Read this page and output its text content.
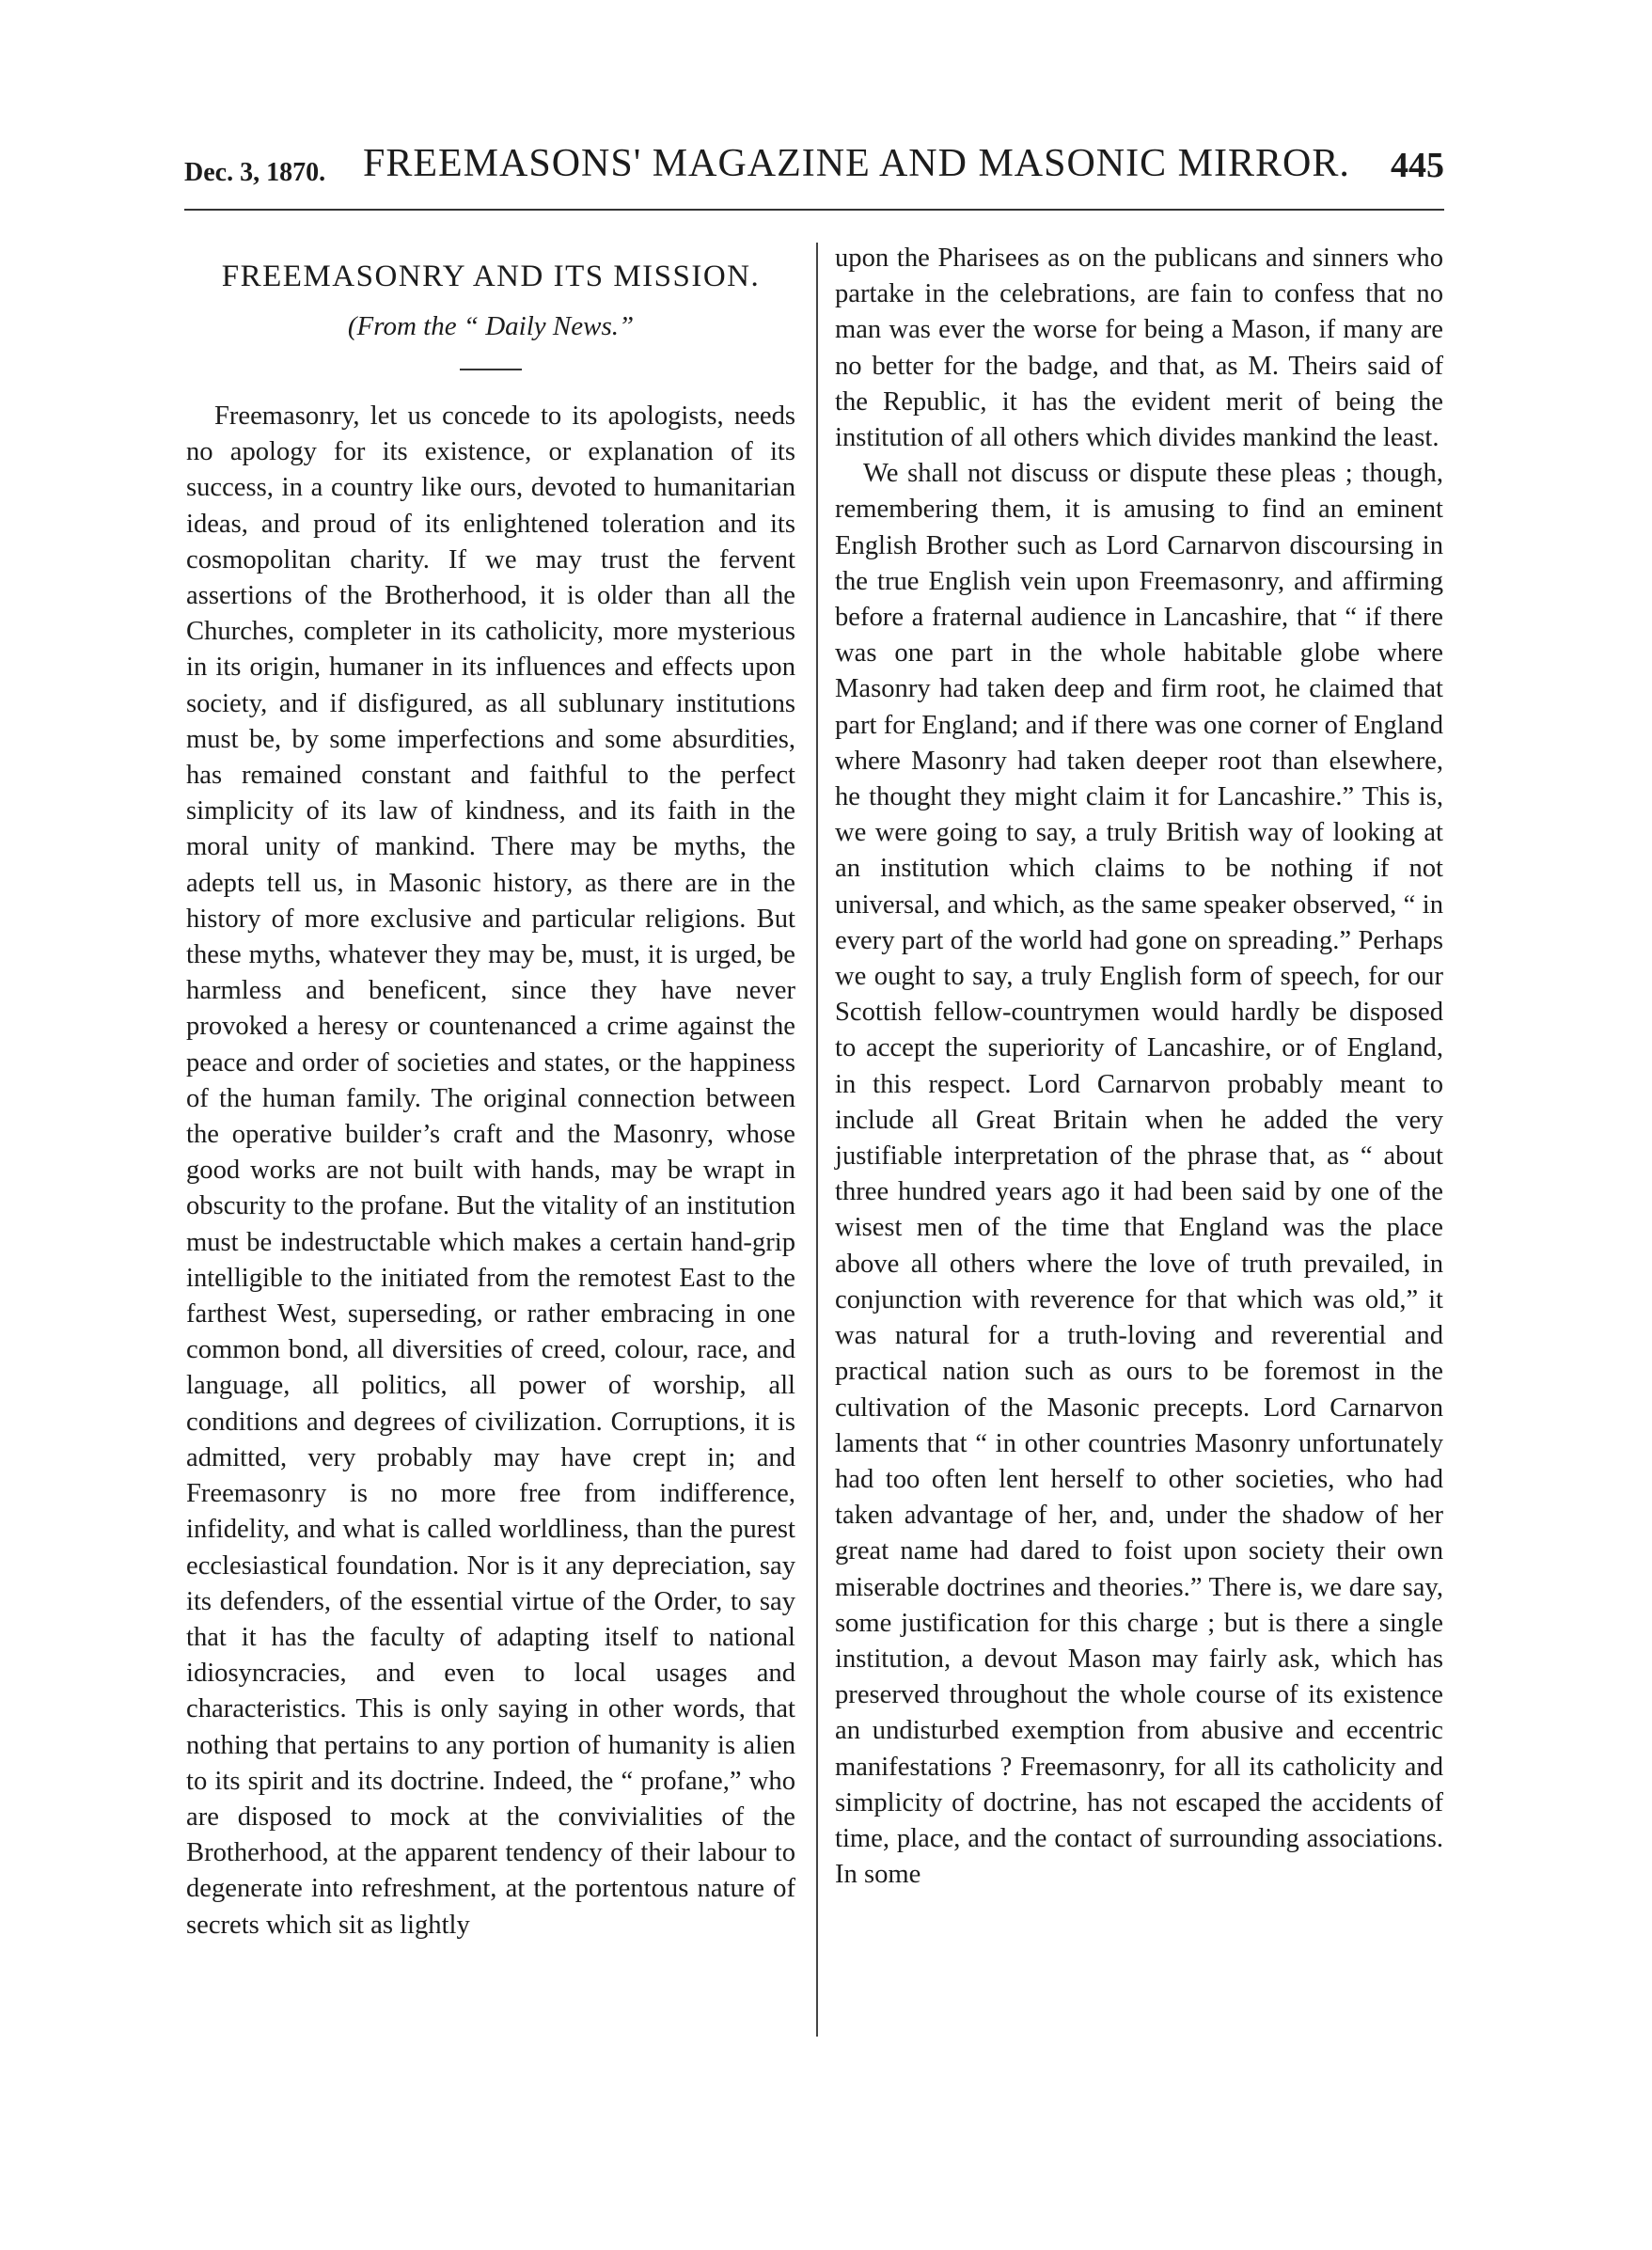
Dec. 3, 1870. FREEMASONS' MAGAZINE AND MASONIC MIRROR. 445
FREEMASONRY AND ITS MISSION.
(From the “ Daily News.”

Freemasonry, let us concede to its apologists, needs no apology for its existence, or explanation of its success, in a country like ours, devoted to humanitarian ideas, and proud of its enlightened toleration and its cosmopolitan charity. If we may trust the fervent assertions of the Brotherhood, it is older than all the Churches, completer in its catholicity, more mysterious in its origin, humaner in its influences and effects upon society, and if disfigured, as all sublunary institutions must be, by some imperfections and some absurdities, has remained constant and faithful to the perfect simplicity of its law of kindness, and its faith in the moral unity of mankind. There may be myths, the adepts tell us, in Masonic history, as there are in the history of more exclusive and particular religions. But these myths, whatever they may be, must, it is urged, be harmless and beneficent, since they have never provoked a heresy or countenanced a crime against the peace and order of societies and states, or the happiness of the human family. The original connection between the operative builder’s craft and the Masonry, whose good works are not built with hands, may be wrapt in obscurity to the profane. But the vitality of an institution must be indestructable which makes a certain hand-grip intelligible to the initiated from the remotest East to the farthest West, superseding, or rather embracing in one common bond, all diversities of creed, colour, race, and language, all politics, all power of worship, all conditions and degrees of civilization. Corruptions, it is admitted, very probably may have crept in; and Freemasonry is no more free from indifference, infidelity, and what is called worldliness, than the purest ecclesiastical foundation. Nor is it any depreciation, say its defenders, of the essential virtue of the Order, to say that it has the faculty of adapting itself to national idiosyncracies, and even to local usages and characteristics. This is only saying in other words, that nothing that pertains to any portion of humanity is alien to its spirit and its doctrine. Indeed, the “ profane,” who are disposed to mock at the convivialities of the Brotherhood, at the apparent tendency of their labour to degenerate into refreshment, at the portentous nature of secrets which sit as lightly

upon the Pharisees as on the publicans and sinners who partake in the celebrations, are fain to confess that no man was ever the worse for being a Mason, if many are no better for the badge, and that, as M. Theirs said of the Republic, it has the evident merit of being the institution of all others which divides mankind the least.

We shall not discuss or dispute these pleas ; though, remembering them, it is amusing to find an eminent English Brother such as Lord Carnarvon discoursing in the true English vein upon Freemasonry, and affirming before a fraternal audience in Lancashire, that “ if there was one part in the whole habitable globe where Masonry had taken deep and firm root, he claimed that part for England; and if there was one corner of England where Masonry had taken deeper root than elsewhere, he thought they might claim it for Lancashire.” This is, we were going to say, a truly British way of looking at an institution which claims to be nothing if not universal, and which, as the same speaker observed, “ in every part of the world had gone on spreading.” Perhaps we ought to say, a truly English form of speech, for our Scottish fellow-countrymen would hardly be disposed to accept the superiority of Lancashire, or of England, in this respect. Lord Carnarvon probably meant to include all Great Britain when he added the very justifiable interpretation of the phrase that, as “ about three hundred years ago it had been said by one of the wisest men of the time that England was the place above all others where the love of truth prevailed, in conjunction with reverence for that which was old,” it was natural for a truth-loving and reverential and practical nation such as ours to be foremost in the cultivation of the Masonic precepts. Lord Carnarvon laments that “ in other countries Masonry unfortunately had too often lent herself to other societies, who had taken advantage of her, and, under the shadow of her great name had dared to foist upon society their own miserable doctrines and theories.” There is, we dare say, some justification for this charge ; but is there a single institution, a devout Mason may fairly ask, which has preserved throughout the whole course of its existence an undisturbed exemption from abusive and eccentric manifestations ? Freemasonry, for all its catholicity and simplicity of doctrine, has not escaped the accidents of time, place, and the contact of surrounding associations. In some
